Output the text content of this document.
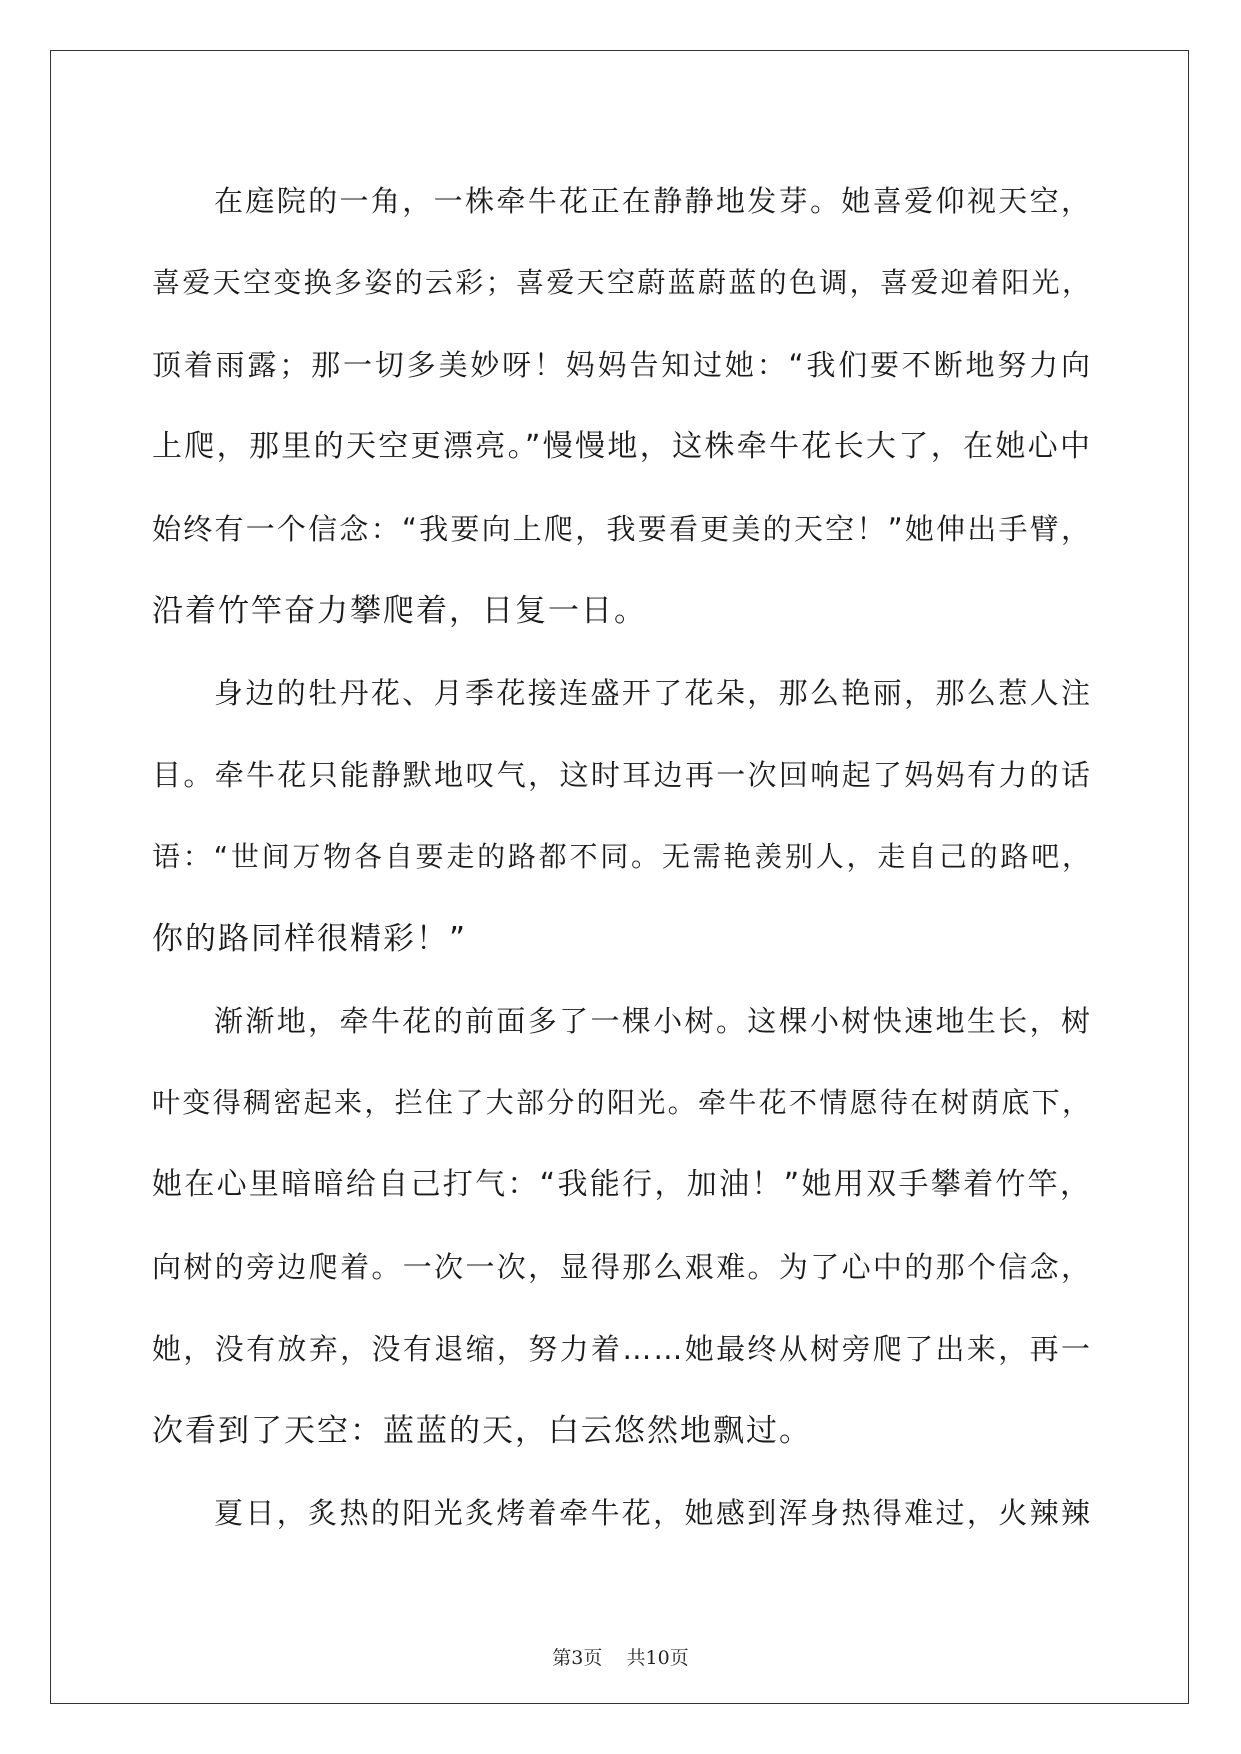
在庭院的一角，一株牵牛花正在静静地发芽。她喜爱仰视天空，
喜爱天空变换多姿的云彩；喜爱天空蔚蓝蔚蓝的色调，喜爱迎着阳光，
顶着雨露；那一切多美妙呀！妈妈告知过她：“我们要不断地努力向
上爬，那里的天空更漂亮。”慢慢地，这株牵牛花长大了，在她心中
始终有一个信念：“我要向上爬，我要看更美的天空！”她伸出手臂，
沿着竹竿奋力攀爬着，日复一日。
身边的牡丹花、月季花接连盛开了花朵，那么艳丽，那么惹人注
目。牵牛花只能静默地叹气，这时耳边再一次回响起了妈妈有力的话
语：“世间万物各自要走的路都不同。无需艳羡别人，走自己的路吧，
你的路同样很精彩！”
渐渐地，牵牛花的前面多了一棵小树。这棵小树快速地生长，树
叶变得稠密起来，拦住了大部分的阳光。牵牛花不情愿待在树荫底下，
她在心里暗暗给自己打气：“我能行，加油！”她用双手攀着竹竿，
向树的旁边爬着。一次一次，显得那么艰难。为了心中的那个信念，
她，没有放弃，没有退缩，努力着……她最终从树旁爬了出来，再一
次看到了天空：蓝蓝的天，白云悠然地飘过。
夏日，炙热的阳光炙烤着牵牛花，她感到浑身热得难过，火辣辣
第3页 共10页
